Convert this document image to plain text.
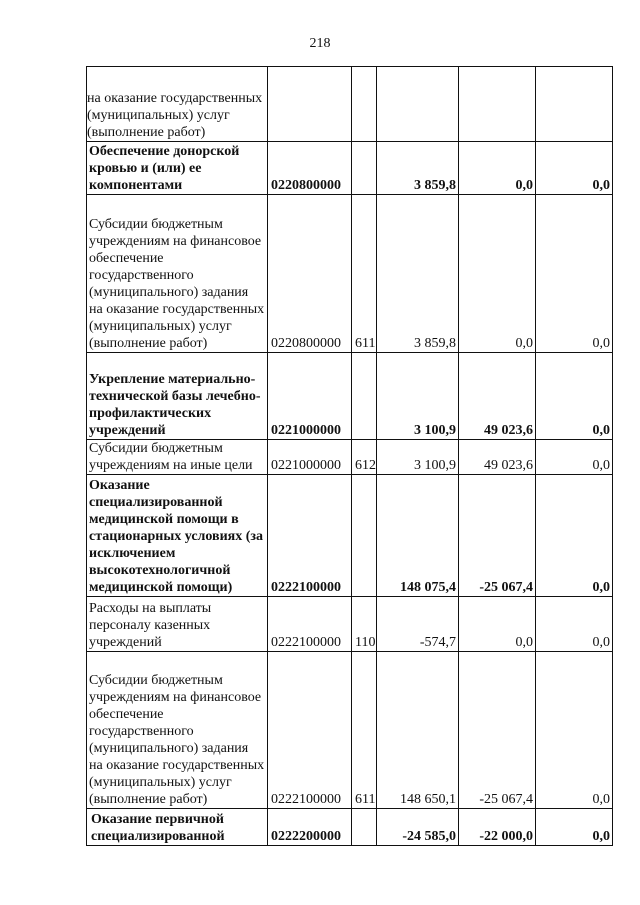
218
на оказание государственных (муниципальных) услуг (выполнение работ)					
Обеспечение донорской кровью и (или) ее компонентами	0220800000		3 859,8	0,0	0,0
Субсидии бюджетным учреждениям на финансовое обеспечение государственного (муниципального) задания на оказание государственных (муниципальных) услуг (выполнение работ)	0220800000	611	3 859,8	0,0	0,0
Укрепление материально-технической базы лечебно-профилактических учреждений	0221000000		3 100,9	49 023,6	0,0
Субсидии бюджетным учреждениям на иные цели	0221000000	612	3 100,9	49 023,6	0,0
Оказание специализированной медицинской помощи в стационарных условиях (за исключением высокотехнологичной медицинской помощи)	0222100000		148 075,4	-25 067,4	0,0
Расходы на выплаты персоналу казенных учреждений	0222100000	110	-574,7	0,0	0,0
Субсидии бюджетным учреждениям на финансовое обеспечение государственного (муниципального) задания на оказание государственных (муниципальных) услуг (выполнение работ)	0222100000	611	148 650,1	-25 067,4	0,0
Оказание первичной специализированной	0222200000		-24 585,0	-22 000,0	0,0
